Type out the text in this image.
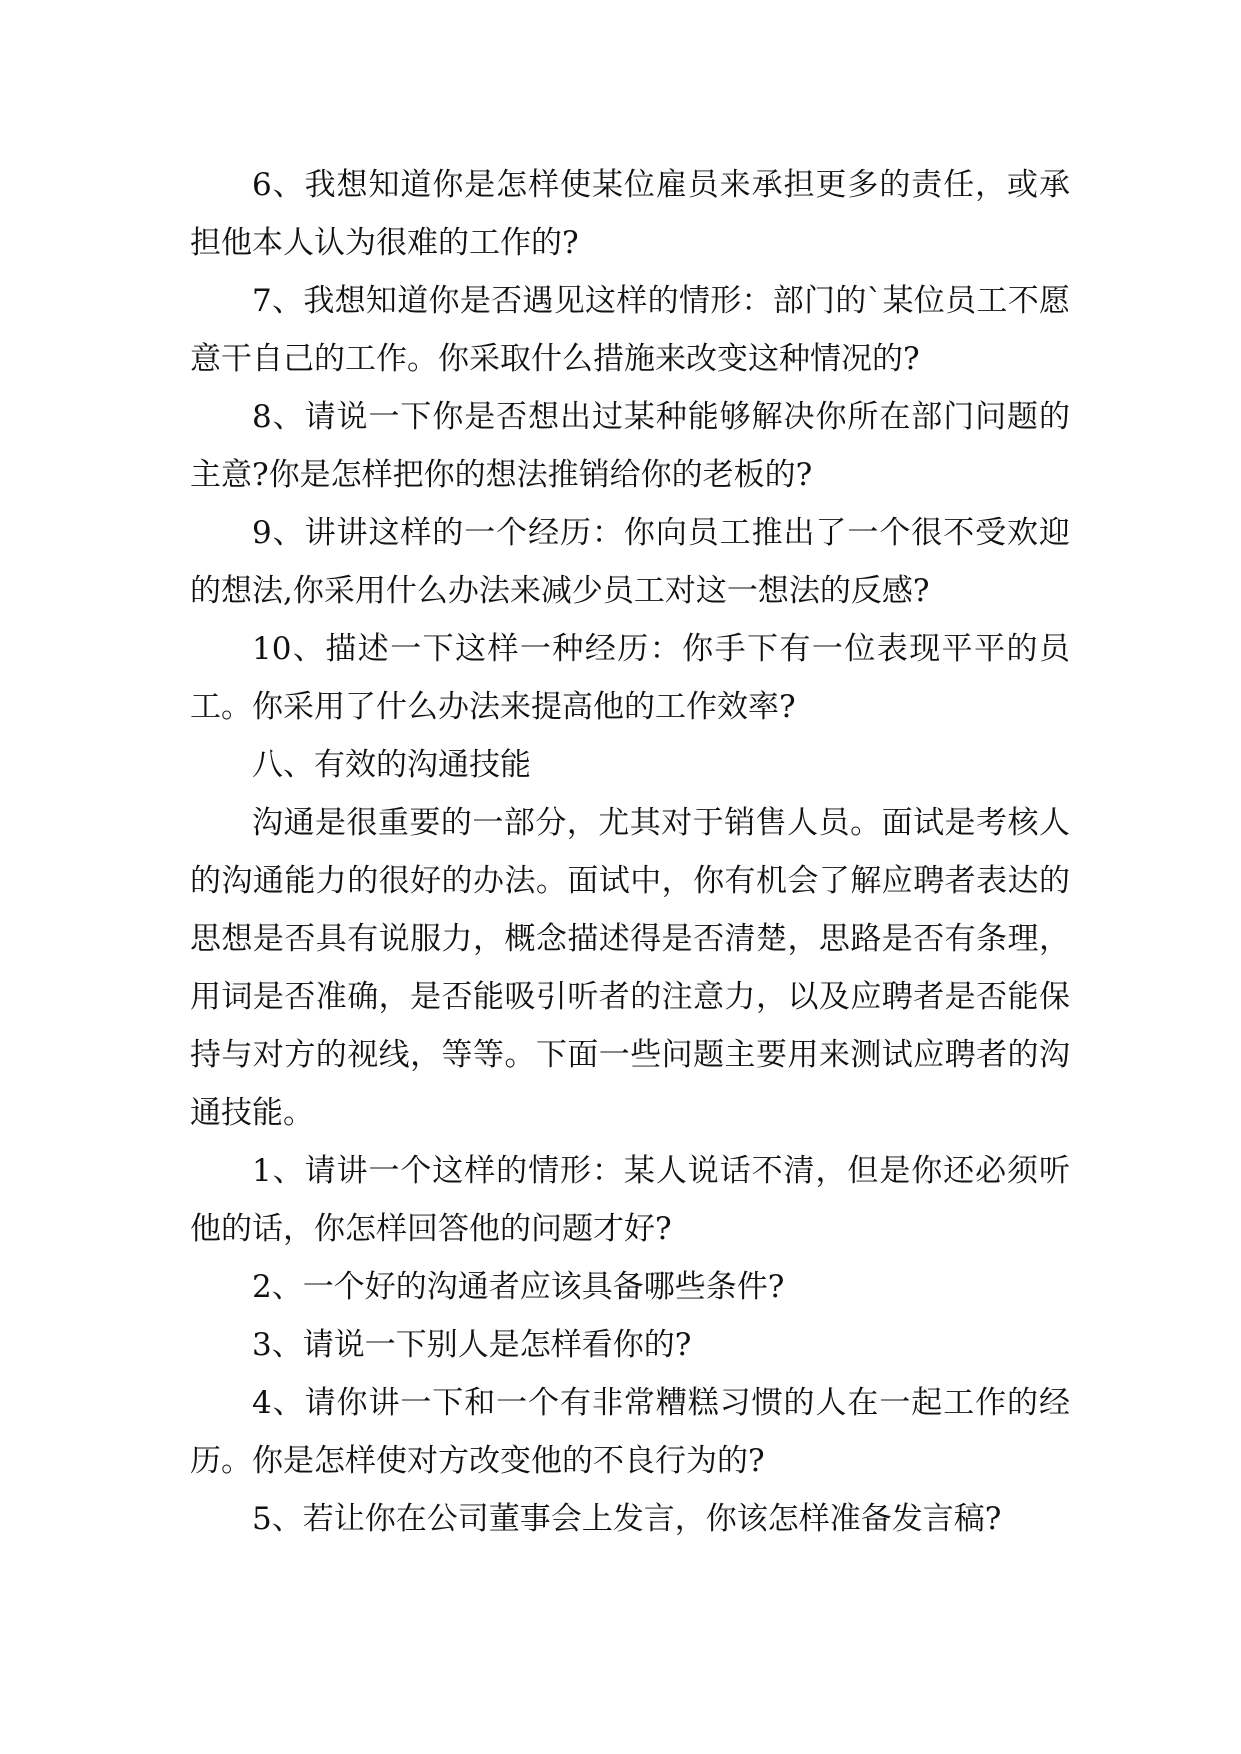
6、我想知道你是怎样使某位雇员来承担更多的责任，或承担他本人认为很难的工作的?

7、我想知道你是否遇见这样的情形：部门的`某位员工不愿意干自己的工作。你采取什么措施来改变这种情况的?

8、请说一下你是否想出过某种能够解决你所在部门问题的主意?你是怎样把你的想法推销给你的老板的?

9、讲讲这样的一个经历：你向员工推出了一个很不受欢迎的想法,你采用什么办法来减少员工对这一想法的反感?

10、描述一下这样一种经历：你手下有一位表现平平的员工。你采用了什么办法来提高他的工作效率?

八、有效的沟通技能

沟通是很重要的一部分，尤其对于销售人员。面试是考核人的沟通能力的很好的办法。面试中，你有机会了解应聘者表达的思想是否具有说服力，概念描述得是否清楚，思路是否有条理，用词是否准确，是否能吸引听者的注意力，以及应聘者是否能保持与对方的视线，等等。下面一些问题主要用来测试应聘者的沟通技能。

1、请讲一个这样的情形：某人说话不清，但是你还必须听他的话，你怎样回答他的问题才好?

2、一个好的沟通者应该具备哪些条件?

3、请说一下别人是怎样看你的?

4、请你讲一下和一个有非常糟糕习惯的人在一起工作的经历。你是怎样使对方改变他的不良行为的?

5、若让你在公司董事会上发言，你该怎样准备发言稿?
